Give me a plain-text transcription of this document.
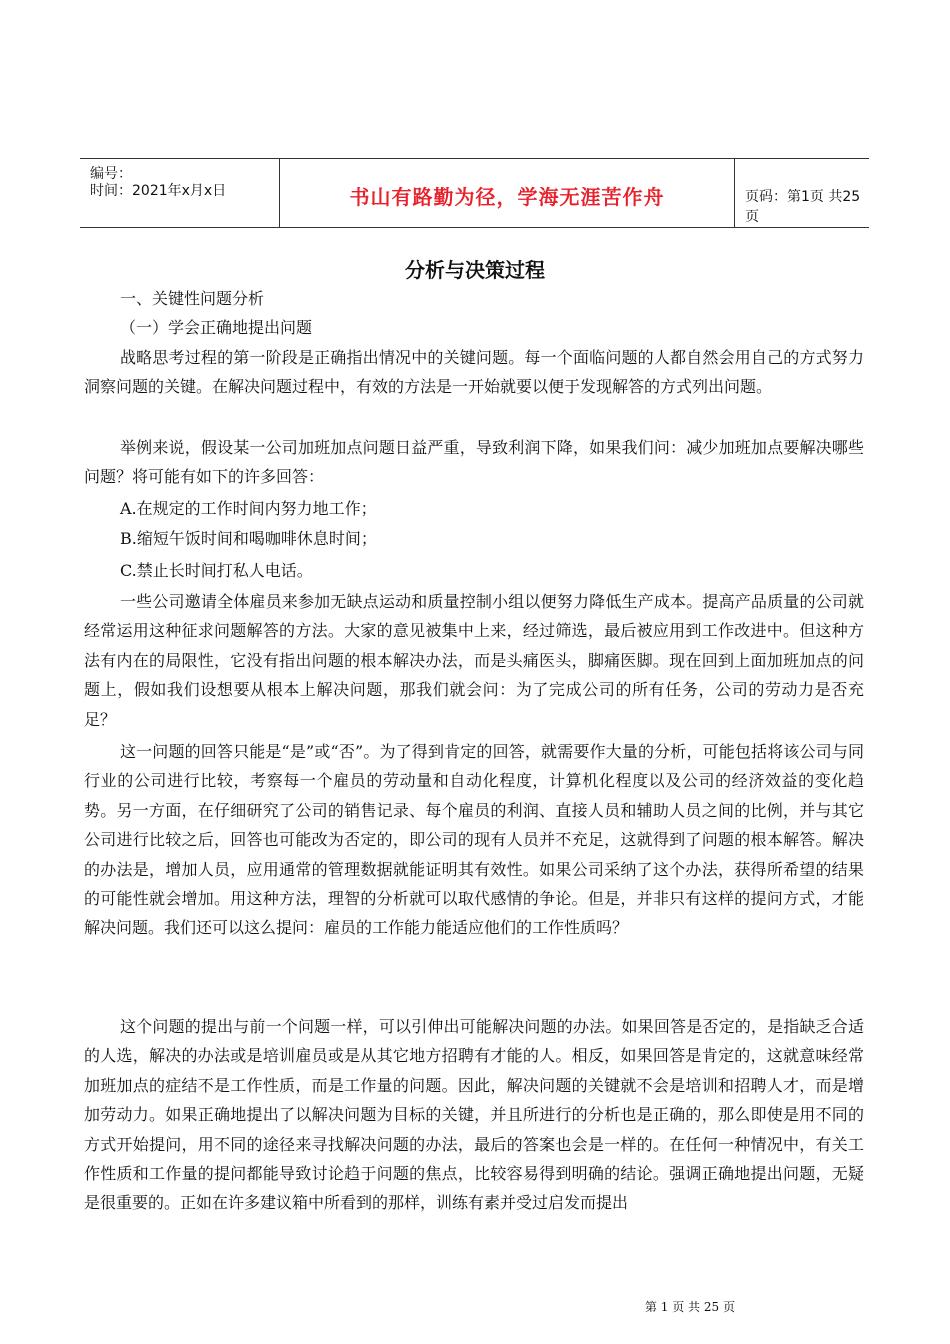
编号：
时间：2021年x月x日	书山有路勤为径，学海无涯苦作舟	页码：第1页 共25页
分析与决策过程

一、关键性问题分析

（一）学会正确地提出问题

战略思考过程的第一阶段是正确指出情况中的关键问题。每一个面临问题的人都自然会用自己的方式努力洞察问题的关键。在解决问题过程中，有效的方法是一开始就要以便于发现解答的方式列出问题。

举例来说，假设某一公司加班加点问题日益严重，导致利润下降，如果我们问：减少加班加点要解决哪些问题？将可能有如下的许多回答：

A.在规定的工作时间内努力地工作；

B.缩短午饭时间和喝咖啡休息时间；

C.禁止长时间打私人电话。

一些公司邀请全体雇员来参加无缺点运动和质量控制小组以便努力降低生产成本。提高产品质量的公司就经常运用这种征求问题解答的方法。大家的意见被集中上来，经过筛选，最后被应用到工作改进中。但这种方法有内在的局限性，它没有指出问题的根本解决办法，而是头痛医头，脚痛医脚。现在回到上面加班加点的问题上，假如我们设想要从根本上解决问题，那我们就会问：为了完成公司的所有任务，公司的劳动力是否充足？

这一问题的回答只能是“是”或“否”。为了得到肯定的回答，就需要作大量的分析，可能包括将该公司与同行业的公司进行比较，考察每一个雇员的劳动量和自动化程度，计算机化程度以及公司的经济效益的变化趋势。另一方面，在仔细研究了公司的销售记录、每个雇员的利润、直接人员和辅助人员之间的比例，并与其它公司进行比较之后，回答也可能改为否定的，即公司的现有人员并不充足，这就得到了问题的根本解答。解决的办法是，增加人员，应用通常的管理数据就能证明其有效性。如果公司采纳了这个办法，获得所希望的结果的可能性就会增加。用这种方法，理智的分析就可以取代感情的争论。但是，并非只有这样的提问方式，才能解决问题。我们还可以这么提问：雇员的工作能力能适应他们的工作性质吗？

这个问题的提出与前一个问题一样，可以引伸出可能解决问题的办法。如果回答是否定的，是指缺乏合适的人选，解决的办法或是培训雇员或是从其它地方招聘有才能的人。相反，如果回答是肯定的，这就意味经常加班加点的症结不是工作性质，而是工作量的问题。因此，解决问题的关键就不会是培训和招聘人才，而是增加劳动力。如果正确地提出了以解决问题为目标的关键，并且所进行的分析也是正确的，那么即使是用不同的方式开始提问，用不同的途径来寻找解决问题的办法，最后的答案也会是一样的。在任何一种情况中，有关工作性质和工作量的提问都能导致讨论趋于问题的焦点，比较容易得到明确的结论。强调正确地提出问题，无疑是很重要的。正如在许多建议箱中所看到的那样，训练有素并受过启发而提出

第 1 页 共 25 页
